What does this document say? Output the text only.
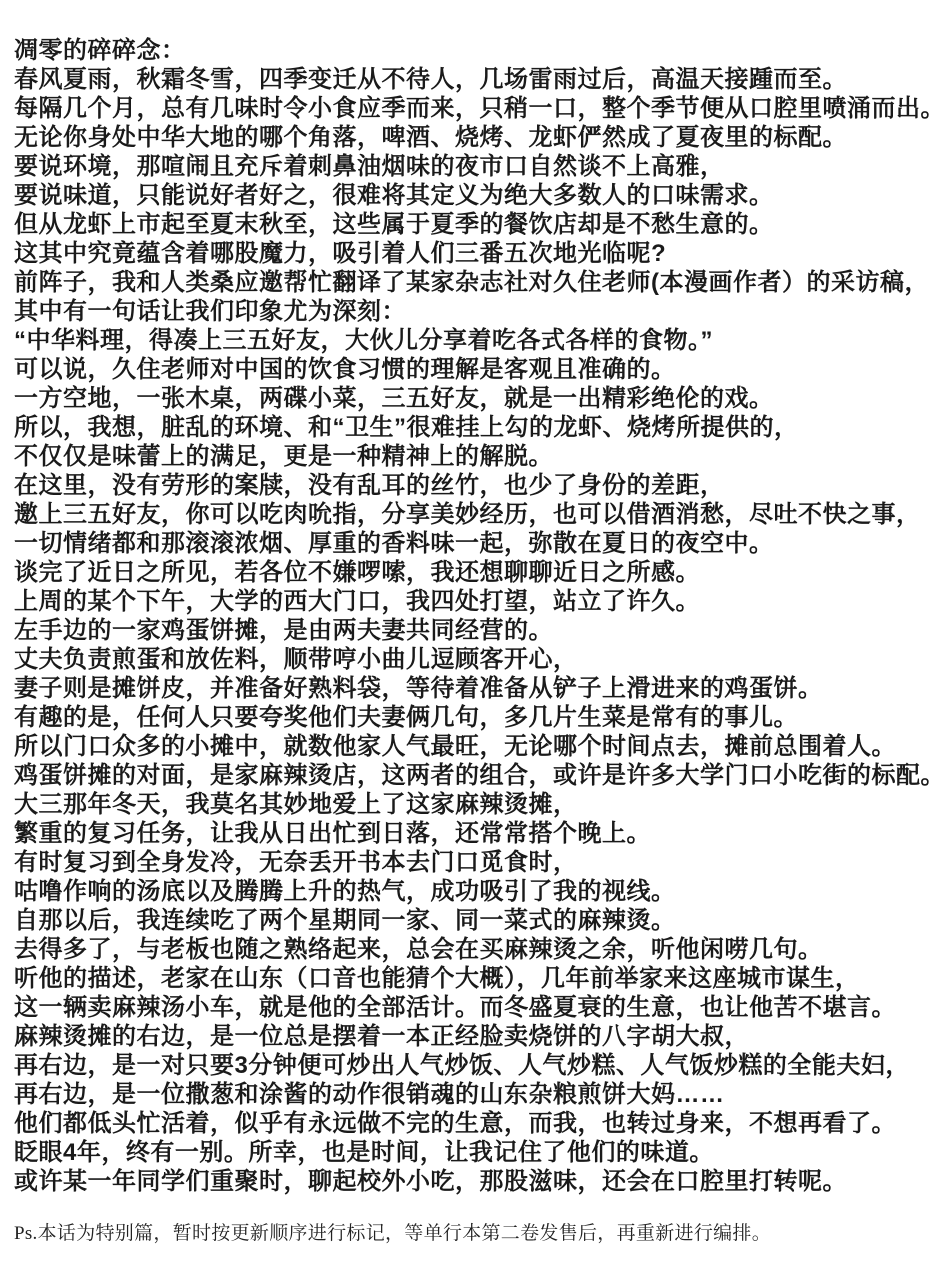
凋零的碎碎念：

春风夏雨，秋霜冬雪，四季变迁从不待人，几场雷雨过后，高温天接踵而至。

每隔几个月，总有几味时令小食应季而来，只稍一口，整个季节便从口腔里喷涌而出。

无论你身处中华大地的哪个角落，啤酒、烧烤、龙虾俨然成了夏夜里的标配。

要说环境，那喧闹且充斥着刺鼻油烟味的夜市口自然谈不上高雅，

要说味道，只能说好者好之，很难将其定义为绝大多数人的口味需求。

但从龙虾上市起至夏末秋至，这些属于夏季的餐饮店却是不愁生意的。

这其中究竟蕴含着哪股魔力，吸引着人们三番五次地光临呢?

前阵子，我和人类桑应邀帮忙翻译了某家杂志社对久住老师(本漫画作者）的采访稿，

其中有一句话让我们印象尤为深刻：

“中华料理，得凑上三五好友，大伙儿分享着吃各式各样的食物。”

可以说，久住老师对中国的饮食习惯的理解是客观且准确的。

一方空地，一张木桌，两碟小菜，三五好友，就是一出精彩绝伦的戏。

所以，我想，脏乱的环境、和“卫生”很难挂上勾的龙虾、烧烤所提供的，

不仅仅是味蕾上的满足，更是一种精神上的解脱。

在这里，没有劳形的案牍，没有乱耳的丝竹，也少了身份的差距，

邀上三五好友，你可以吃肉吮指，分享美妙经历，也可以借酒消愁，尽吐不快之事，

一切情绪都和那滚滚浓烟、厚重的香料味一起，弥散在夏日的夜空中。

谈完了近日之所见，若各位不嫌啰嗦，我还想聊聊近日之所感。

上周的某个下午，大学的西大门口，我四处打望，站立了许久。

左手边的一家鸡蛋饼摊，是由两夫妻共同经营的。

丈夫负责煎蛋和放佐料，顺带哼小曲儿逗顾客开心，

妻子则是摊饼皮，并准备好熟料袋，等待着准备从铲子上滑进来的鸡蛋饼。

有趣的是，任何人只要夸奖他们夫妻俩几句，多几片生菜是常有的事儿。

所以门口众多的小摊中，就数他家人气最旺，无论哪个时间点去，摊前总围着人。

鸡蛋饼摊的对面，是家麻辣烫店，这两者的组合，或许是许多大学门口小吃街的标配。

大三那年冬天，我莫名其妙地爱上了这家麻辣烫摊，

繁重的复习任务，让我从日出忙到日落，还常常搭个晚上。

有时复习到全身发冷，无奈丢开书本去门口觅食时，

咕噜作响的汤底以及腾腾上升的热气，成功吸引了我的视线。

自那以后，我连续吃了两个星期同一家、同一菜式的麻辣烫。

去得多了，与老板也随之熟络起来，总会在买麻辣烫之余，听他闲唠几句。

听他的描述，老家在山东（口音也能猜个大概），几年前举家来这座城市谋生，

这一辆卖麻辣汤小车，就是他的全部活计。而冬盛夏衰的生意，也让他苦不堪言。

麻辣烫摊的右边，是一位总是摆着一本正经脸卖烧饼的八字胡大叔，

再右边，是一对只要3分钟便可炒出人气炒饭、人气炒糕、人气饭炒糕的全能夫妇，

再右边，是一位撒葱和涂酱的动作很销魂的山东杂粮煎饼大妈……

他们都低头忙活着，似乎有永远做不完的生意，而我，也转过身来，不想再看了。

眨眼4年，终有一别。所幸，也是时间，让我记住了他们的味道。

或许某一年同学们重聚时，聊起校外小吃，那股滋味，还会在口腔里打转呢。

Ps.本话为特别篇，暂时按更新顺序进行标记，等单行本第二卷发售后，再重新进行编排。
